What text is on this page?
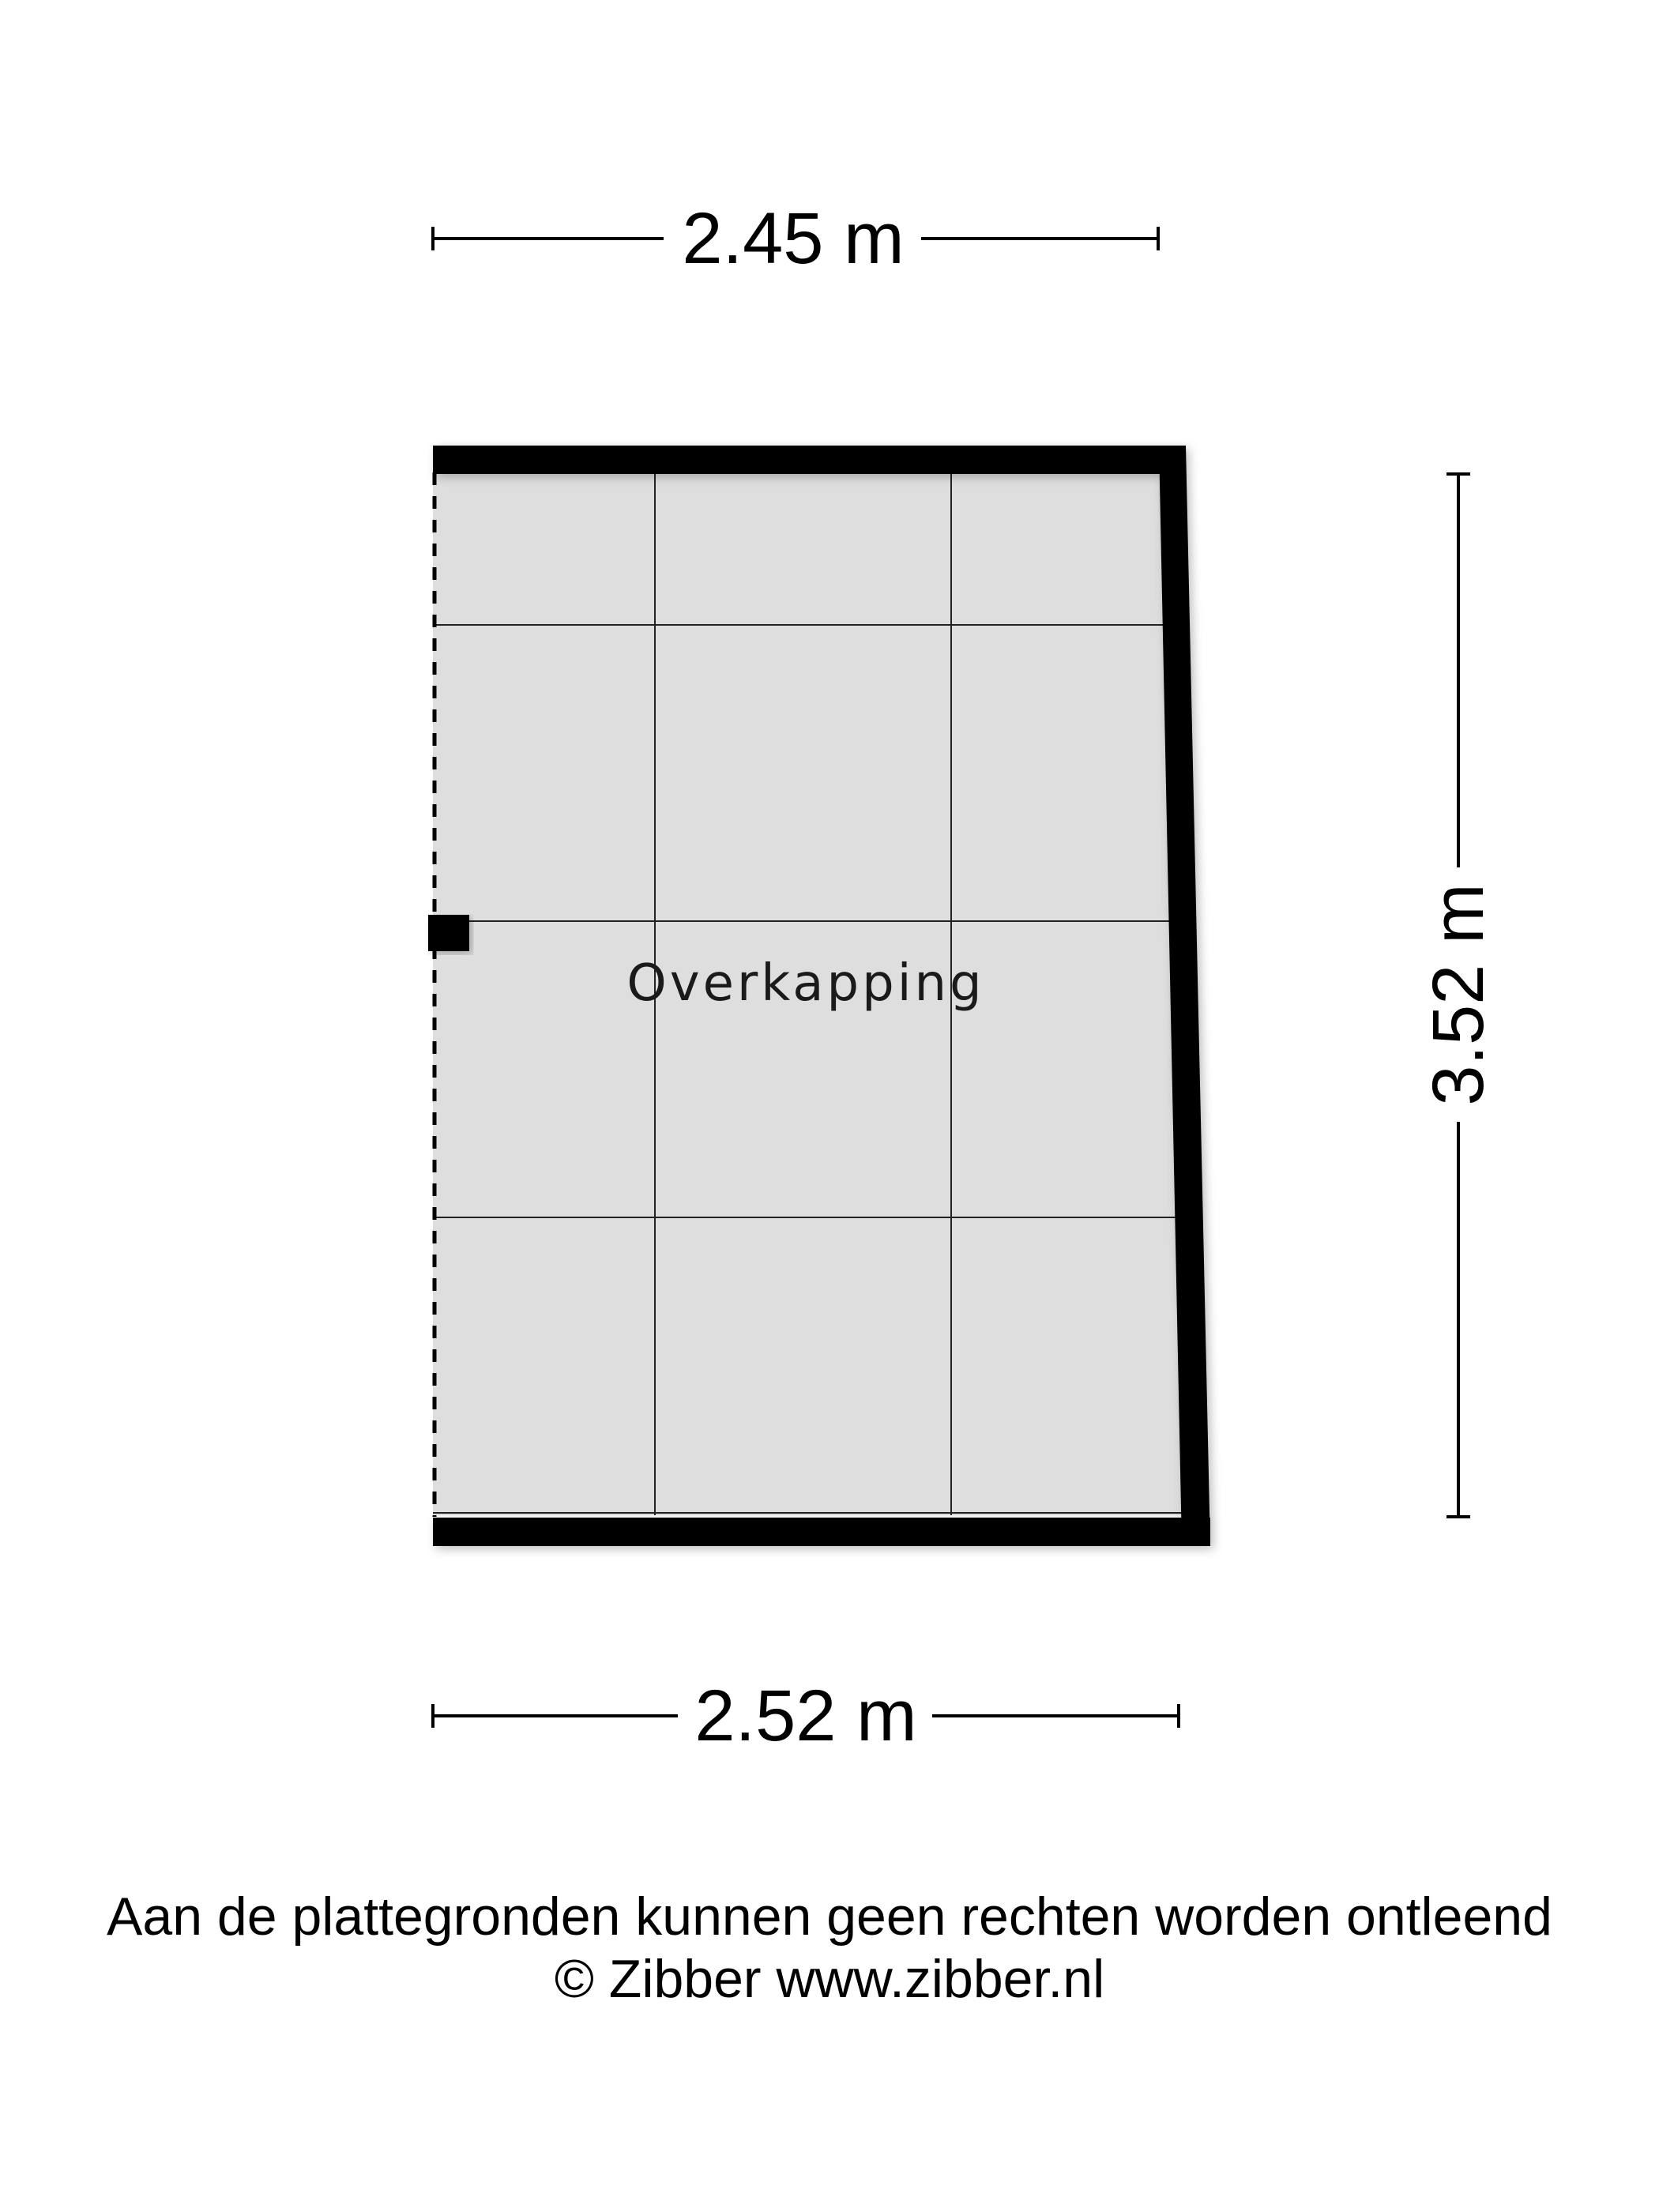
Overkapping
2.45 m
2.52 m
3.52 m
Aan de plattegronden kunnen geen rechten worden ontleend
© Zibber www.zibber.nl
